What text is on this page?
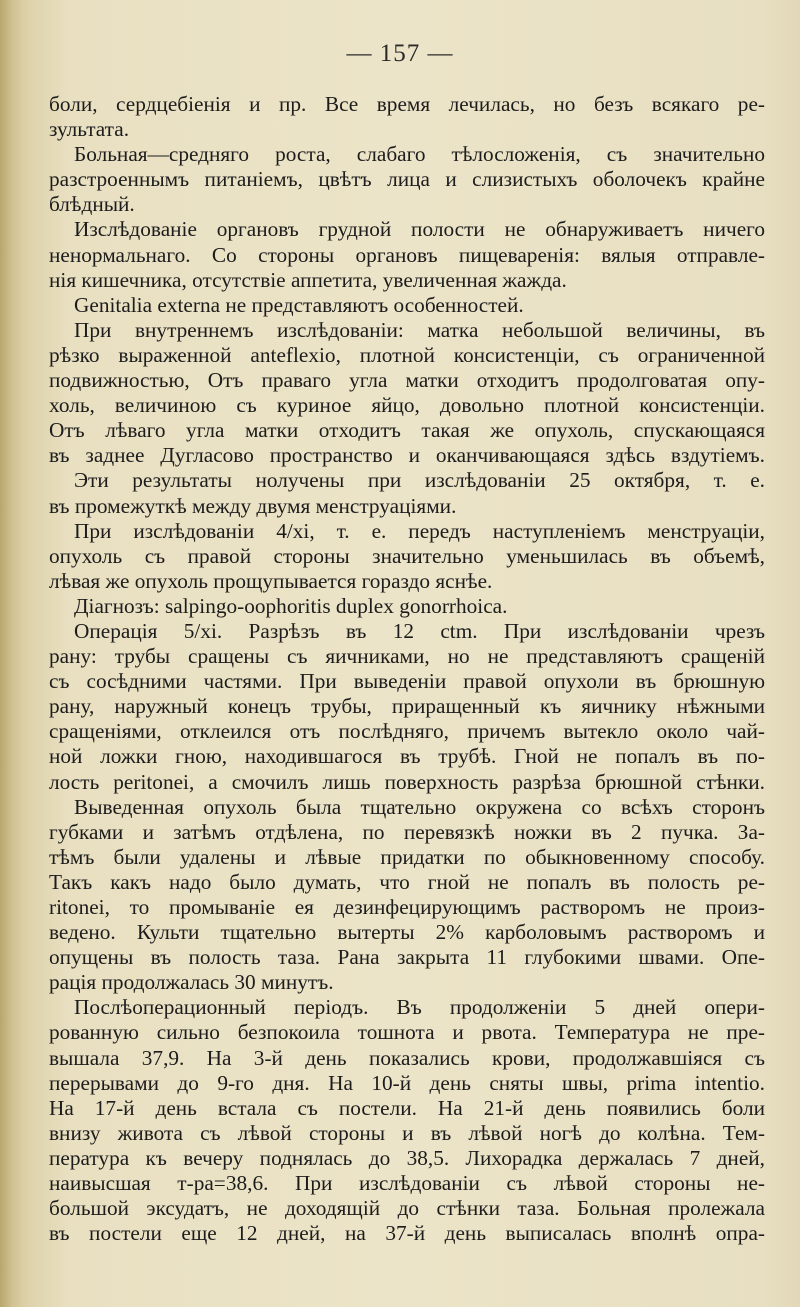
— 157 —
боли, сердцебіенія и пр. Все время лечилась, но безъ всякаго ре-
зультата.
Больная—средняго роста, слабаго тѣлосложенія, съ значительно
разстроеннымъ питаніемъ, цвѣтъ лица и слизистыхъ оболочекъ крайне
блѣдный.
Изслѣдованіе органовъ грудной полости не обнаруживаетъ ничего
ненормальнаго. Со стороны органовъ пищеваренія: вялыя отправле-
нія кишечника, отсутствіе аппетита, увеличенная жажда.
Genitalia externa не представляютъ особенностей.
При внутреннемъ изслѣдованіи: матка небольшой величины, въ
рѣзко выраженной anteflexio, плотной консистенціи, съ ограниченной
подвижностью, Отъ праваго угла матки отходитъ продолговатая опу-
холь, величиною съ куриное яйцо, довольно плотной консистенціи.
Отъ лѣваго угла матки отходитъ такая же опухоль, спускающаяся
въ заднее Дугласово пространство и оканчивающаяся здѣсь вздутіемъ.
Эти результаты нолучены при изслѣдованіи 25 октября, т. е.
въ промежуткѣ между двумя менструаціями.
При изслѣдованіи 4/xi, т. е. передъ наступленіемъ менструаціи,
опухоль съ правой стороны значительно уменьшилась въ объемѣ,
лѣвая же опухоль прощупывается гораздо яснѣе.
Діагнозъ: salpingo-oophoritis duplex gonorrhoica.
Операція 5/xi. Разрѣзъ въ 12 ctm. При изслѣдованіи чрезъ
рану: трубы сращены съ яичниками, но не представляютъ сращеній
съ сосѣдними частями. При выведеніи правой опухоли въ брюшную
рану, наружный конецъ трубы, приращенный къ яичнику нѣжными
сращеніями, отклеился отъ послѣдняго, причемъ вытекло около чай-
ной ложки гною, находившагося въ трубѣ. Гной не попалъ въ по-
лость peritonei, а смочилъ лишь поверхность разрѣза брюшной стѣнки.
Выведенная опухоль была тщательно окружена со всѣхъ сторонъ
губками и затѣмъ отдѣлена, по перевязкѣ ножки въ 2 пучка. За-
тѣмъ были удалены и лѣвые придатки по обыкновенному способу.
Такъ какъ надо было думать, что гной не попалъ въ полость pe-
ritonei, то промываніе ея дезинфецирующимъ растворомъ не произ-
ведено. Культи тщательно вытерты 2% карболовымъ растворомъ и
опущены въ полость таза. Рана закрыта 11 глубокими швами. Опе-
рація продолжалась 30 минутъ.
Послѣоперационный періодъ. Въ продолженіи 5 дней опери-
рованную сильно безпокоила тошнота и рвота. Температура не пре-
вышала 37,9. На 3-й день показались крови, продолжавшіяся съ
перерывами до 9-го дня. На 10-й день сняты швы, prima intentio.
На 17-й день встала съ постели. На 21-й день появились боли
внизу живота съ лѣвой стороны и въ лѣвой ногѣ до колѣна. Тем-
пература къ вечеру поднялась до 38,5. Лихорадка держалась 7 дней,
наивысшая т-ра=38,6. При изслѣдованіи съ лѣвой стороны не-
большой эксудатъ, не доходящій до стѣнки таза. Больная пролежала
въ постели еще 12 дней, на 37-й день выписалась вполнѣ опра-
